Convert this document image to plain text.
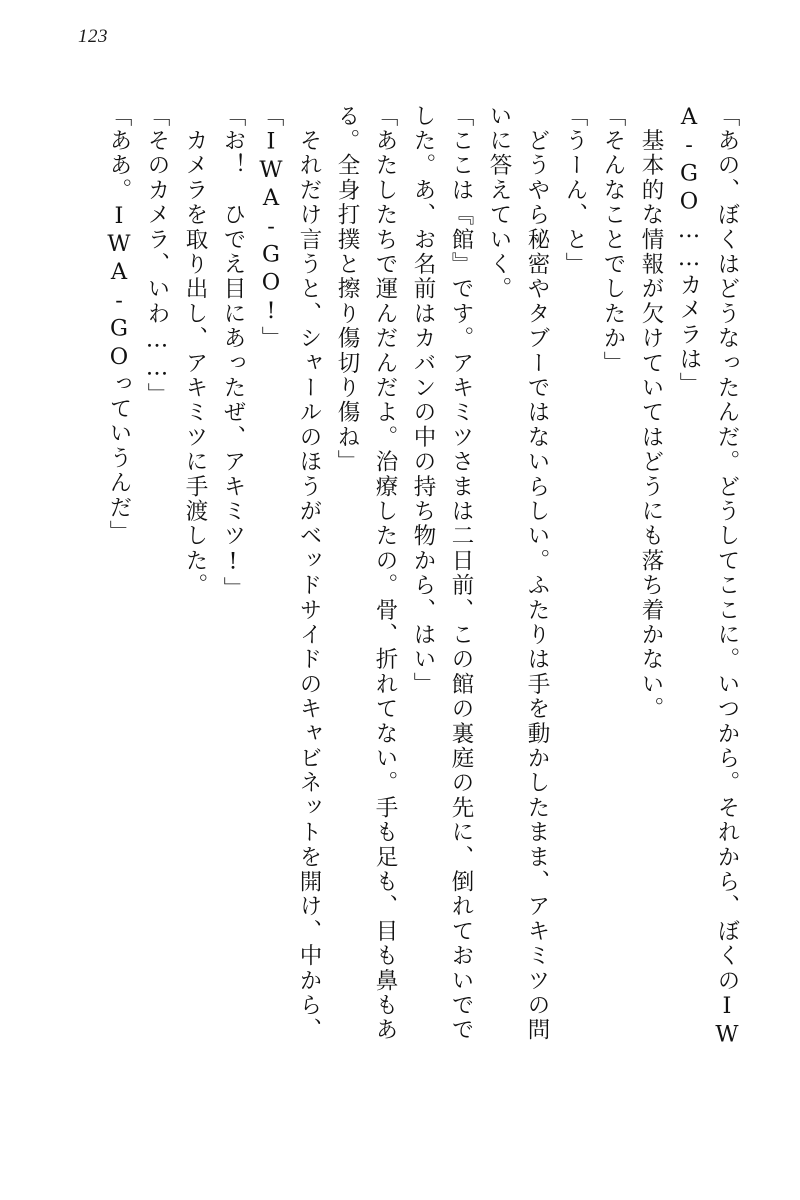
123
「あの、ぼくはどうなったんだ。どうしてここに。いつから。それから、ぼくのIW
A‐GO……カメラは」
　基本的な情報が欠けていてはどうにも落ち着かない。
「そんなことでしたか」
「うーん、と」
　どうやら秘密やタブーではないらしい。ふたりは手を動かしたまま、アキミツの問
いに答えていく。
「ここは『館』です。アキミツさまは二日前、この館の裏庭の先に、倒れておいでで
した。あ、お名前はカバンの中の持ち物から、はい」
「あたしたちで運んだんだよ。治療したの。骨、折れてない。手も足も、目も鼻もあ
る。全身打撲と擦り傷切り傷ね」
　それだけ言うと、シャールのほうがベッドサイドのキャビネットを開け、中から、
「IWA‐GO!」
「お！　ひでえ目にあったぜ、アキミツ!」
　カメラを取り出し、アキミツに手渡した。
「そのカメラ、いわ……」
「ああ。IWA‐GOっていうんだ」
